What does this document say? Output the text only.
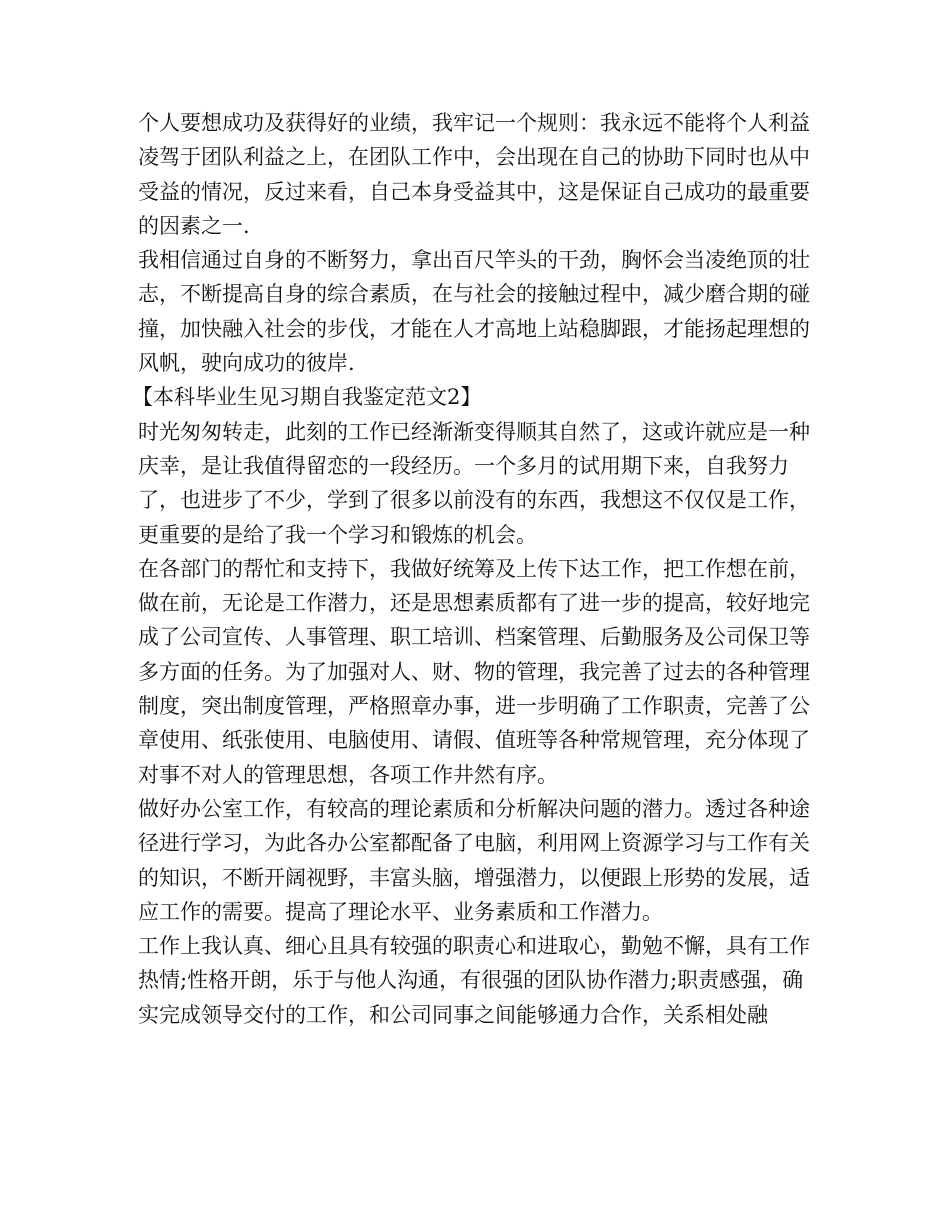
个人要想成功及获得好的业绩，我牢记一个规则：我永远不能将个人利益凌驾于团队利益之上，在团队工作中，会出现在自己的协助下同时也从中受益的情况，反过来看，自己本身受益其中，这是保证自己成功的最重要的因素之一.

我相信通过自身的不断努力，拿出百尺竿头的干劲，胸怀会当凌绝顶的壮志，不断提高自身的综合素质，在与社会的接触过程中，减少磨合期的碰撞，加快融入社会的步伐，才能在人才高地上站稳脚跟，才能扬起理想的风帆，驶向成功的彼岸.

【本科毕业生见习期自我鉴定范文2】

时光匆匆转走，此刻的工作已经渐渐变得顺其自然了，这或许就应是一种庆幸，是让我值得留恋的一段经历。一个多月的试用期下来，自我努力了，也进步了不少，学到了很多以前没有的东西，我想这不仅仅是工作，更重要的是给了我一个学习和锻炼的机会。

在各部门的帮忙和支持下，我做好统筹及上传下达工作，把工作想在前，做在前，无论是工作潜力，还是思想素质都有了进一步的提高，较好地完成了公司宣传、人事管理、职工培训、档案管理、后勤服务及公司保卫等多方面的任务。为了加强对人、财、物的管理，我完善了过去的各种管理制度，突出制度管理，严格照章办事，进一步明确了工作职责，完善了公章使用、纸张使用、电脑使用、请假、值班等各种常规管理，充分体现了对事不对人的管理思想，各项工作井然有序。

做好办公室工作，有较高的理论素质和分析解决问题的潜力。透过各种途径进行学习，为此各办公室都配备了电脑，利用网上资源学习与工作有关的知识，不断开阔视野，丰富头脑，增强潜力，以便跟上形势的发展，适应工作的需要。提高了理论水平、业务素质和工作潜力。

工作上我认真、细心且具有较强的职责心和进取心，勤勉不懈，具有工作热情;性格开朗，乐于与他人沟通，有很强的团队协作潜力;职责感强，确实完成领导交付的工作，和公司同事之间能够通力合作，关系相处融
